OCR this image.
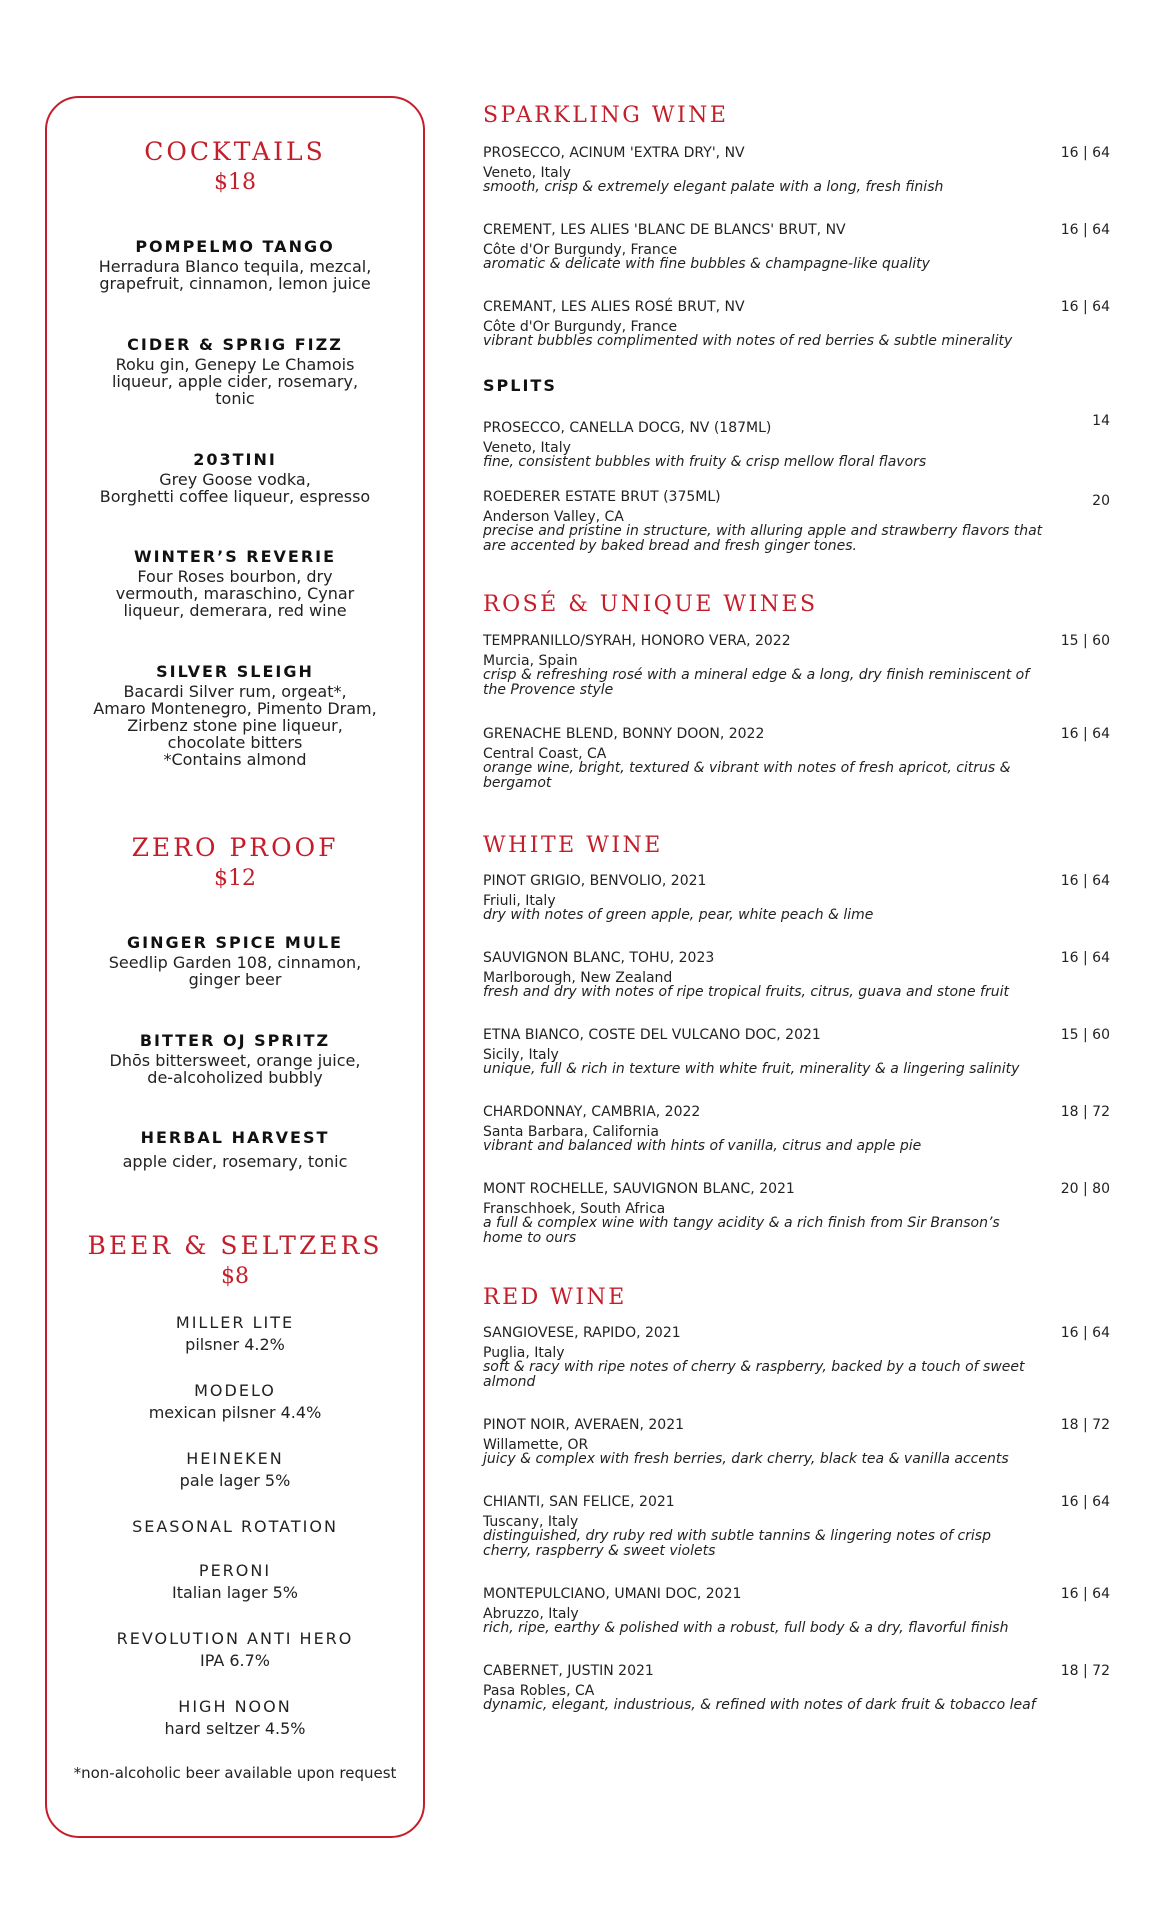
COCKTAILS
$18
POMPELMO TANGO
Herradura Blanco tequila, mezcal,
grapefruit, cinnamon, lemon juice
CIDER & SPRIG FIZZ
Roku gin, Genepy Le Chamois
liqueur, apple cider, rosemary,
tonic
203TINI
Grey Goose vodka,
Borghetti coffee liqueur, espresso
WINTER’S REVERIE
Four Roses bourbon, dry
vermouth, maraschino, Cynar
liqueur, demerara, red wine
SILVER SLEIGH
Bacardi Silver rum, orgeat*,
Amaro Montenegro, Pimento Dram,
Zirbenz stone pine liqueur,
chocolate bitters
*Contains almond
ZERO PROOF
$12
GINGER SPICE MULE
Seedlip Garden 108, cinnamon,
ginger beer
BITTER OJ SPRITZ
Dhōs bittersweet, orange juice,
de-alcoholized bubbly
HERBAL HARVEST
apple cider, rosemary, tonic
BEER & SELTZERS
$8
MILLER LITE
pilsner 4.2%
MODELO
mexican pilsner 4.4%
HEINEKEN
pale lager 5%
SEASONAL ROTATION
PERONI
Italian lager 5%
REVOLUTION ANTI HERO
IPA 6.7%
HIGH NOON
hard seltzer 4.5%
*non-alcoholic beer available upon request
SPARKLING WINE
PROSECCO, ACINUM 'EXTRA DRY', NV	16 | 64
Veneto, Italy
smooth, crisp & extremely elegant palate with a long, fresh finish
CREMENT, LES ALIES 'BLANC DE BLANCS' BRUT, NV	16 | 64
Côte d'Or Burgundy, France
aromatic & delicate with fine bubbles & champagne-like quality
CREMANT, LES ALIES ROSÉ BRUT, NV	16 | 64
Côte d'Or Burgundy, France
vibrant bubbles complimented with notes of red berries & subtle minerality
SPLITS
PROSECCO, CANELLA DOCG, NV (187ML)	14
Veneto, Italy
fine, consistent bubbles with fruity & crisp mellow floral flavors
ROEDERER ESTATE BRUT (375ML)	20
Anderson Valley, CA
precise and pristine in structure, with alluring apple and strawberry flavors that are accented by baked bread and fresh ginger tones.
ROSÉ & UNIQUE WINES
TEMPRANILLO/SYRAH, HONORO VERA, 2022	15 | 60
Murcia, Spain
crisp & refreshing rosé with a mineral edge & a long, dry finish reminiscent of the Provence style
GRENACHE BLEND, BONNY DOON, 2022	16 | 64
Central Coast, CA
orange wine, bright, textured & vibrant with notes of fresh apricot, citrus & bergamot
WHITE WINE
PINOT GRIGIO, BENVOLIO, 2021	16 | 64
Friuli, Italy
dry with notes of green apple, pear, white peach & lime
SAUVIGNON BLANC, TOHU, 2023	16 | 64
Marlborough, New Zealand
fresh and dry with notes of ripe tropical fruits, citrus, guava and stone fruit
ETNA BIANCO, COSTE DEL VULCANO DOC, 2021	15 | 60
Sicily, Italy
unique, full & rich in texture with white fruit, minerality & a lingering salinity
CHARDONNAY, CAMBRIA, 2022	18 | 72
Santa Barbara, California
vibrant and balanced with hints of vanilla, citrus and apple pie
MONT ROCHELLE, SAUVIGNON BLANC, 2021	20 | 80
Franschhoek, South Africa
a full & complex wine with tangy acidity & a rich finish from Sir Branson’s home to ours
RED WINE
SANGIOVESE, RAPIDO, 2021	16 | 64
Puglia, Italy
soft & racy with ripe notes of cherry & raspberry, backed by a touch of sweet almond
PINOT NOIR, AVERAEN, 2021	18 | 72
Willamette, OR
juicy & complex with fresh berries, dark cherry, black tea & vanilla accents
CHIANTI, SAN FELICE, 2021	16 | 64
Tuscany, Italy
distinguished, dry ruby red with subtle tannins & lingering notes of crisp cherry, raspberry & sweet violets
MONTEPULCIANO, UMANI DOC, 2021	16 | 64
Abruzzo, Italy
rich, ripe, earthy & polished with a robust, full body & a dry, flavorful finish
CABERNET, JUSTIN 2021	18 | 72
Pasa Robles, CA
dynamic, elegant, industrious, & refined with notes of dark fruit & tobacco leaf
